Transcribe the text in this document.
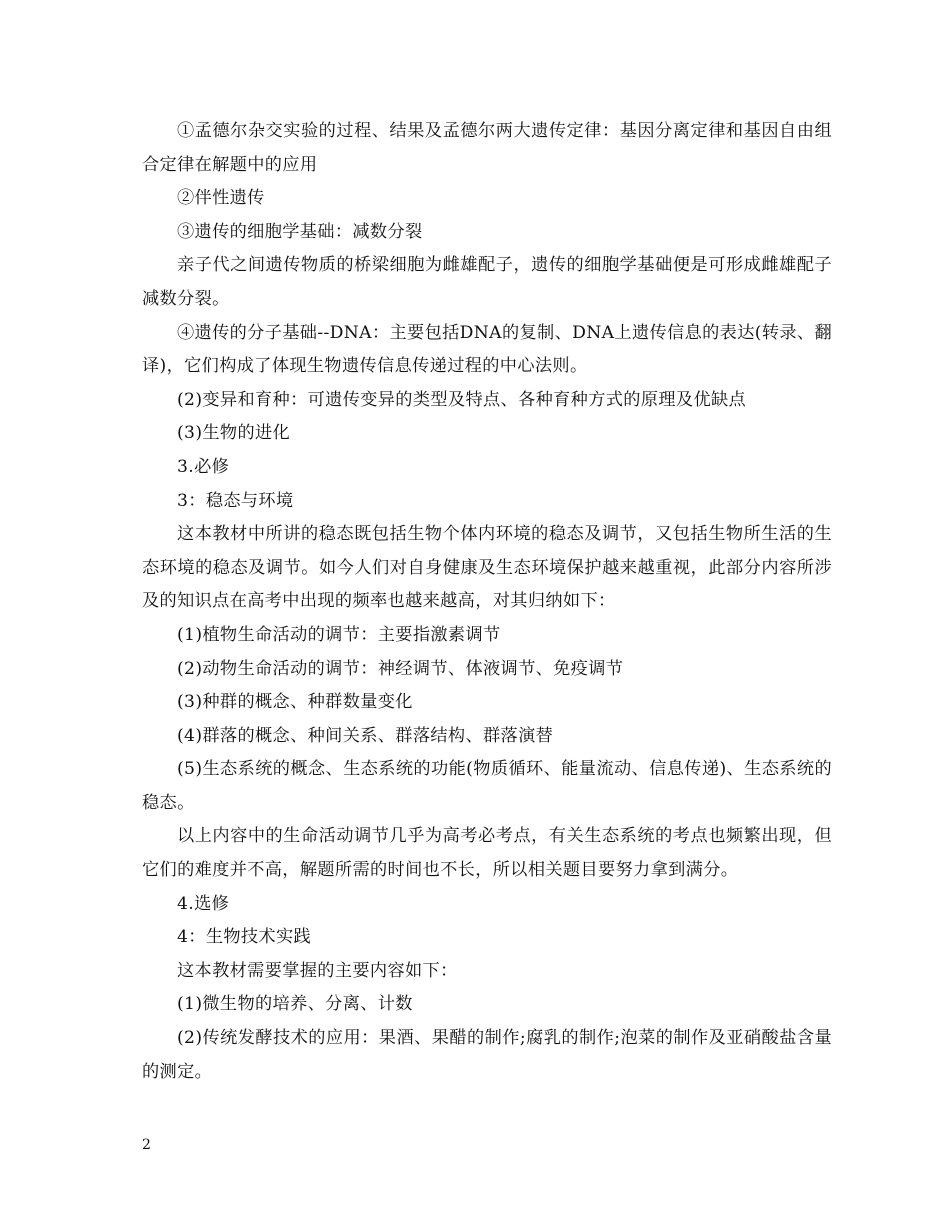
①孟德尔杂交实验的过程、结果及孟德尔两大遗传定律：基因分离定律和基因自由组合定律在解题中的应用

②伴性遗传

③遗传的细胞学基础：减数分裂

亲子代之间遗传物质的桥梁细胞为雌雄配子，遗传的细胞学基础便是可形成雌雄配子减数分裂。

④遗传的分子基础--DNA：主要包括DNA的复制、DNA上遗传信息的表达(转录、翻译)，它们构成了体现生物遗传信息传递过程的中心法则。

(2)变异和育种：可遗传变异的类型及特点、各种育种方式的原理及优缺点

(3)生物的进化

3.必修

3：稳态与环境

这本教材中所讲的稳态既包括生物个体内环境的稳态及调节，又包括生物所生活的生态环境的稳态及调节。如今人们对自身健康及生态环境保护越来越重视，此部分内容所涉及的知识点在高考中出现的频率也越来越高，对其归纳如下：

(1)植物生命活动的调节：主要指激素调节

(2)动物生命活动的调节：神经调节、体液调节、免疫调节

(3)种群的概念、种群数量变化

(4)群落的概念、种间关系、群落结构、群落演替

(5)生态系统的概念、生态系统的功能(物质循环、能量流动、信息传递)、生态系统的稳态。

以上内容中的生命活动调节几乎为高考必考点，有关生态系统的考点也频繁出现，但它们的难度并不高，解题所需的时间也不长，所以相关题目要努力拿到满分。

4.选修

4：生物技术实践

这本教材需要掌握的主要内容如下：

(1)微生物的培养、分离、计数

(2)传统发酵技术的应用：果酒、果醋的制作;腐乳的制作;泡菜的制作及亚硝酸盐含量的测定。

2
